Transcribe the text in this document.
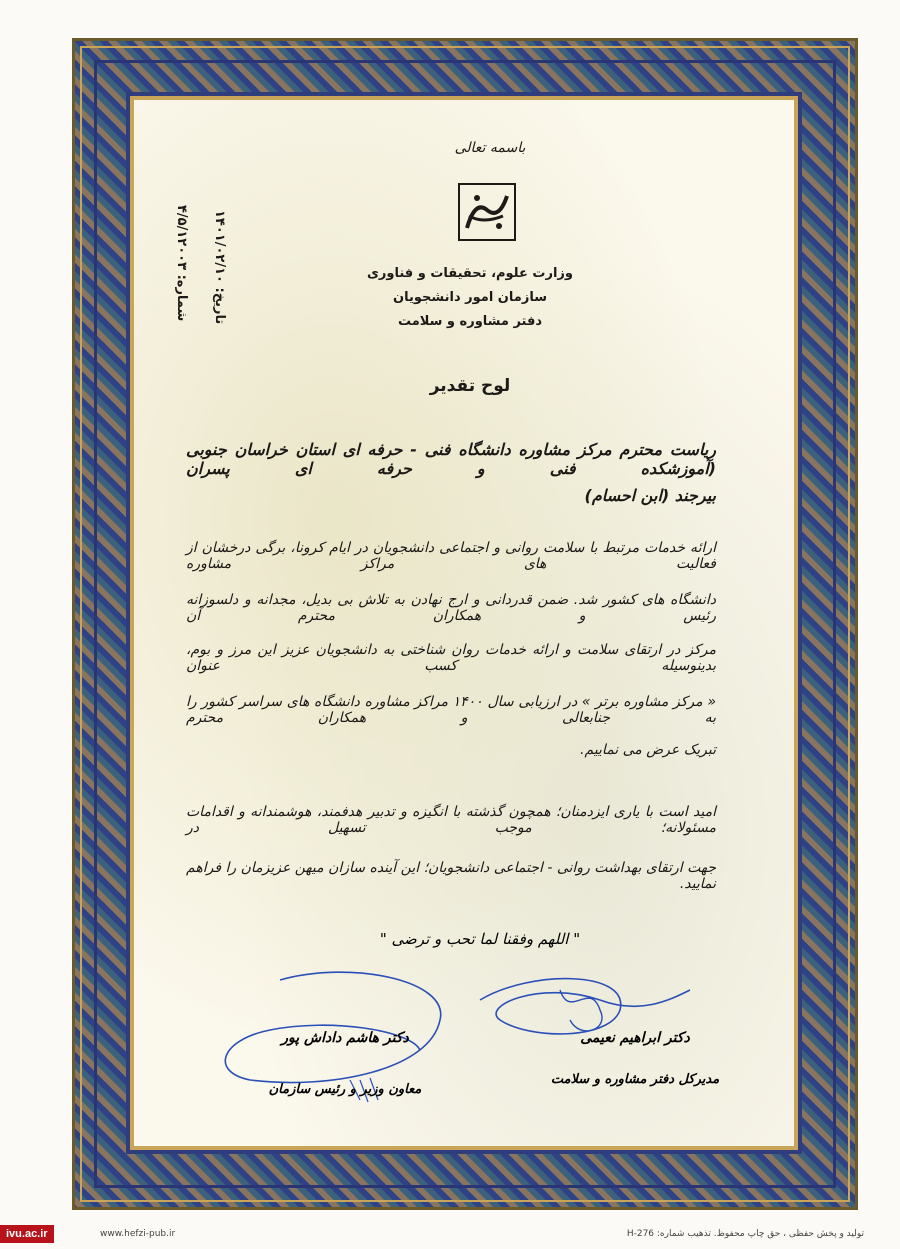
باسمه تعالی
وزارت علوم، تحقیقات و فناوری
سازمان امور دانشجویان
دفتر مشاوره و سلامت
شماره: ۴/۵/۱۲۰۰۳
تاریخ: ۱۴۰۱/۰۲/۱۰
لوح تقدیر
ریاست محترم مرکز مشاوره دانشگاه فنی - حرفه ای استان خراسان جنوبی (آموزشکده فنی و حرفه ای پسران
بیرجند (ابن احسام)
ارائه خدمات مرتبط با سلامت روانی و اجتماعی دانشجویان در ایام کرونا، برگی درخشان از فعالیت های مراکز مشاوره
دانشگاه های کشور شد. ضمن قدردانی و ارج نهادن به تلاش بی بدیل، مجدانه و دلسوزانه رئیس و همکاران محترم آن
مرکز در ارتقای سلامت و ارائه خدمات روان شناختی به دانشجویان عزیز این مرز و بوم، بدینوسیله کسب عنوان
« مرکز مشاوره برتر » در ارزیابی سال ۱۴۰۰ مراکز مشاوره دانشگاه های سراسر کشور را به جنابعالی و همکاران محترم
تبریک عرض می نماییم.
امید است با یاری ایزدمنان؛ همچون گذشته با انگیزه و تدبیر هدفمند، هوشمندانه و اقدامات مسئولانه؛ موجب تسهیل در
جهت ارتقای بهداشت روانی - اجتماعی دانشجویان؛ این آینده سازان میهن عزیزمان را فراهم نمایید.
" اللهم وفقنا لما تحب و ترضی "
دکتر هاشم داداش پور
معاون وزیر و رئیس سازمان
دکتر ابراهیم نعیمی
مدیرکل دفتر مشاوره و سلامت
www.hefzi-pub.ir	تولید و پخش حفظی ، حق چاپ محفوظ. تذهیب شماره: H-276
ivu.ac.ir
